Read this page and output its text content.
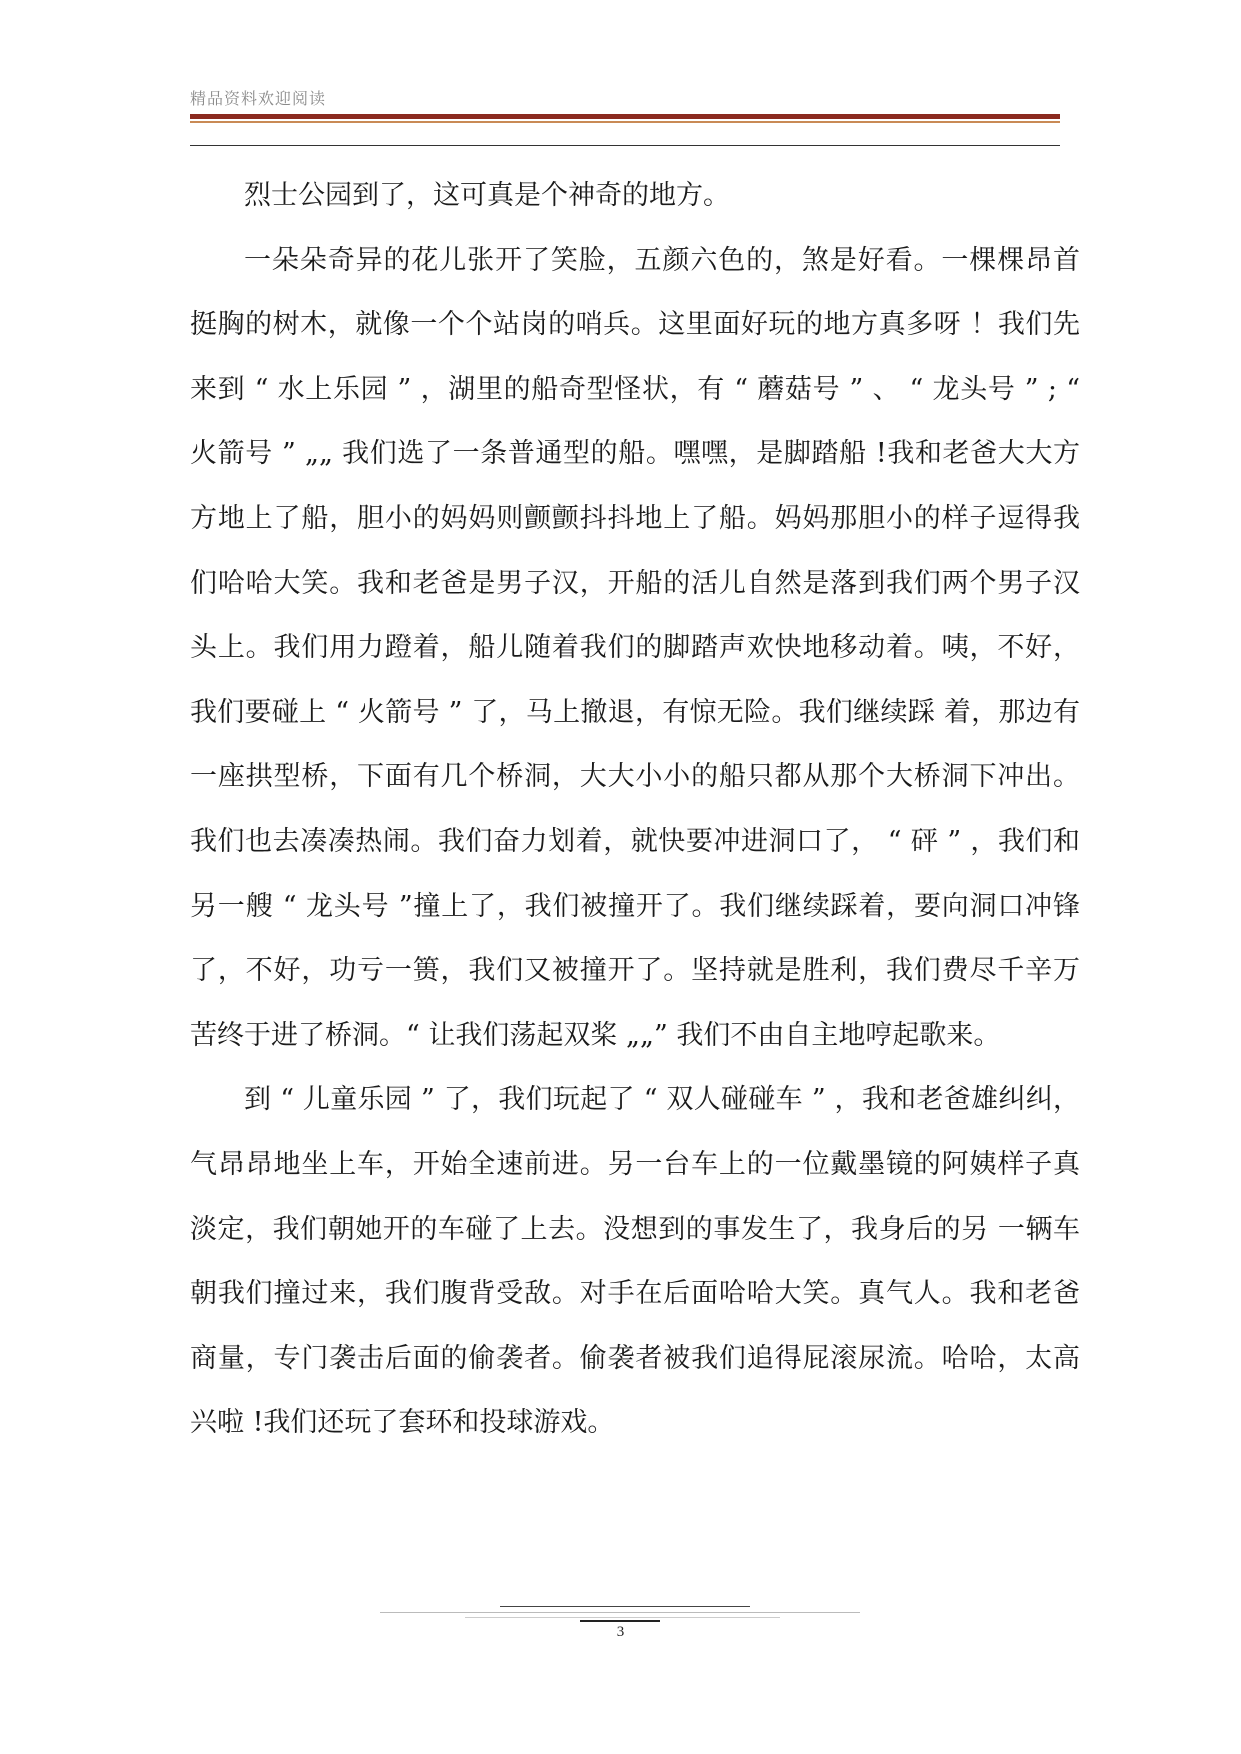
精品资料欢迎阅读

烈士公园到了，这可真是个神奇的地方。

一朵朵奇异的花儿张开了笑脸，五颜六色的，煞是好看。一棵棵昂首挺胸的树木，就像一个个站岗的哨兵。这里面好玩的地方真多呀 ！我们先来到 “ 水上乐园 ” ，湖里的船奇型怪状，有 “ 蘑菇号 ” 、 “ 龙头号 ” ; “ 火箭号 ” „„ 我们选了一条普通型的船。嘿嘿，是脚踏船 !我和老爸大大方方地上了船，胆小的妈妈则颤颤抖抖地上了船。妈妈那胆小的样子逗得我们哈哈大笑。我和老爸是男子汉，开船的活儿自然是落到我们两个男子汉头上。我们用力蹬着，船儿随着我们的脚踏声欢快地移动着。咦，不好，我们要碰上 “ 火箭号 ” 了，马上撤退，有惊无险。我们继续踩 着，那边有一座拱型桥，下面有几个桥洞，大大小小的船只都从那个大桥洞下冲出。我们也去凑凑热闹。我们奋力划着，就快要冲进洞口了， “ 砰 ” ，我们和另一艘 “ 龙头号 ”撞上了，我们被撞开了。我们继续踩着，要向洞口冲锋了，不好，功亏一篑，我们又被撞开了。坚持就是胜利，我们费尽千辛万苦终于进了桥洞。“ 让我们荡起双桨 „„” 我们不由自主地哼起歌来。

到 “ 儿童乐园 ” 了，我们玩起了 “ 双人碰碰车 ” ，我和老爸雄纠纠，气昂昂地坐上车，开始全速前进。另一台车上的一位戴墨镜的阿姨样子真淡定，我们朝她开的车碰了上去。没想到的事发生了，我身后的另 一辆车朝我们撞过来，我们腹背受敌。对手在后面哈哈大笑。真气人。我和老爸商量，专门袭击后面的偷袭者。偷袭者被我们追得屁滚尿流。哈哈，太高兴啦 !我们还玩了套环和投球游戏。

3
